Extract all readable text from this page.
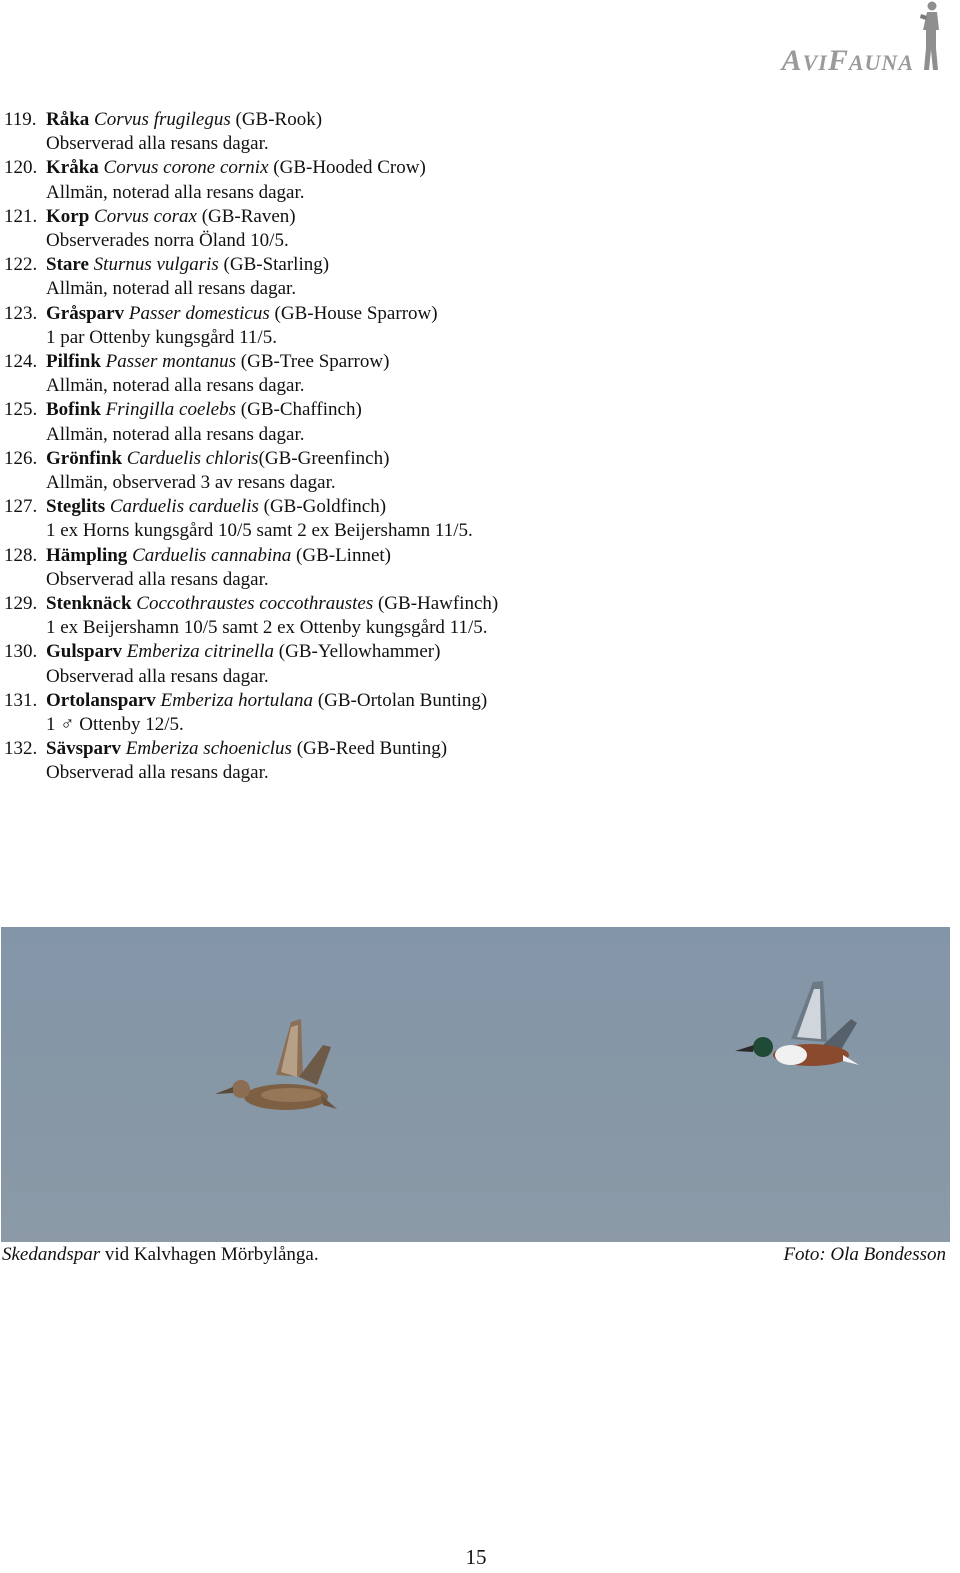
AVIFAUNA
119. Råka Corvus frugilegus (GB-Rook)
Observerad alla resans dagar.
120. Kråka Corvus corone cornix (GB-Hooded Crow)
Allmän, noterad alla resans dagar.
121. Korp Corvus corax (GB-Raven)
Observerades norra Öland 10/5.
122. Stare Sturnus vulgaris (GB-Starling)
Allmän, noterad all resans dagar.
123. Gråsparv Passer domesticus (GB-House Sparrow)
1 par Ottenby kungsgård 11/5.
124. Pilfink Passer montanus (GB-Tree Sparrow)
Allmän, noterad alla resans dagar.
125. Bofink Fringilla coelebs (GB-Chaffinch)
Allmän, noterad alla resans dagar.
126. Grönfink Carduelis chloris(GB-Greenfinch)
Allmän, observerad 3 av resans dagar.
127. Steglits Carduelis carduelis (GB-Goldfinch)
1 ex Horns kungsgård 10/5 samt 2 ex Beijershamn 11/5.
128. Hämpling Carduelis cannabina (GB-Linnet)
Observerad alla resans dagar.
129. Stenknäck Coccothraustes coccothraustes (GB-Hawfinch)
1 ex Beijershamn 10/5 samt 2 ex Ottenby kungsgård 11/5.
130. Gulsparv Emberiza citrinella (GB-Yellowhammer)
Observerad alla resans dagar.
131. Ortolansparv Emberiza hortulana (GB-Ortolan Bunting)
1 ♂ Ottenby 12/5.
132. Sävsparv Emberiza schoeniclus (GB-Reed Bunting)
Observerad alla resans dagar.
Skedandspar vid Kalvhagen Mörbylånga.	Foto: Ola Bondesson
15
